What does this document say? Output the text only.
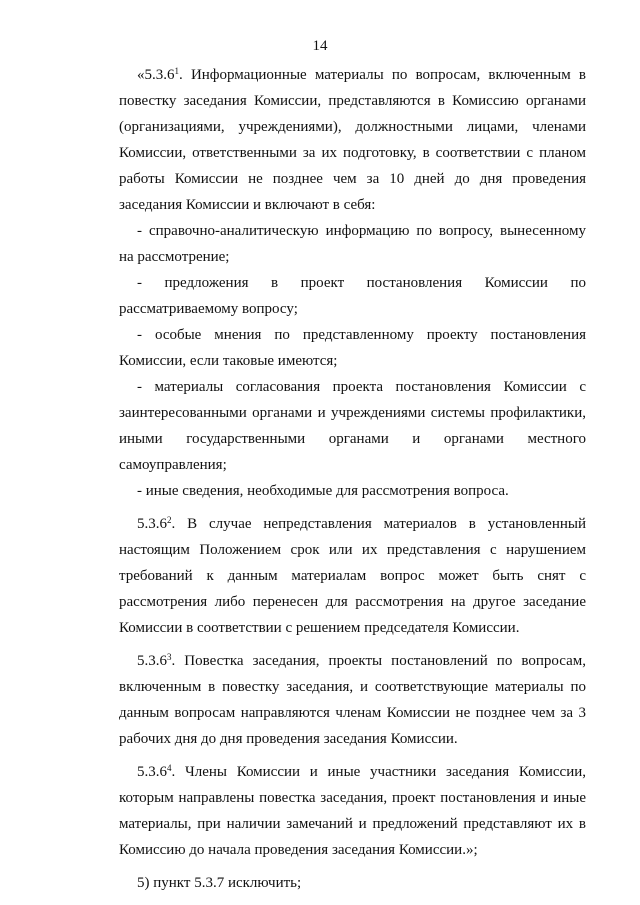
14

«5.3.6$^1$. Информационные материалы по вопросам, включенным в повестку заседания Комиссии, представляются в Комиссию органами (организациями, учреждениями), должностными лицами, членами Комиссии, ответственными за их подготовку, в соответствии с планом работы Комиссии не позднее чем за 10 дней до дня проведения заседания Комиссии и включают в себя:

- справочно-аналитическую информацию по вопросу, вынесенному на рассмотрение;

- предложения в проект постановления Комиссии по рассматриваемому вопросу;

- особые мнения по представленному проекту постановления Комиссии, если таковые имеются;

- материалы согласования проекта постановления Комиссии с заинтересованными органами и учреждениями системы профилактики, иными государственными органами и органами местного самоуправления;

- иные сведения, необходимые для рассмотрения вопроса.

5.3.6$^2$. В случае непредставления материалов в установленный настоящим Положением срок или их представления с нарушением требований к данным материалам вопрос может быть снят с рассмотрения либо перенесен для рассмотрения на другое заседание Комиссии в соответствии с решением председателя Комиссии.

5.3.6$^3$. Повестка заседания, проекты постановлений по вопросам, включенным в повестку заседания, и соответствующие материалы по данным вопросам направляются членам Комиссии не позднее чем за 3 рабочих дня до дня проведения заседания Комиссии.

5.3.6$^4$. Члены Комиссии и иные участники заседания Комиссии, которым направлены повестка заседания, проект постановления и иные материалы, при наличии замечаний и предложений представляют их в Комиссию до начала проведения заседания Комиссии.»;

5) пункт 5.3.7 исключить;
